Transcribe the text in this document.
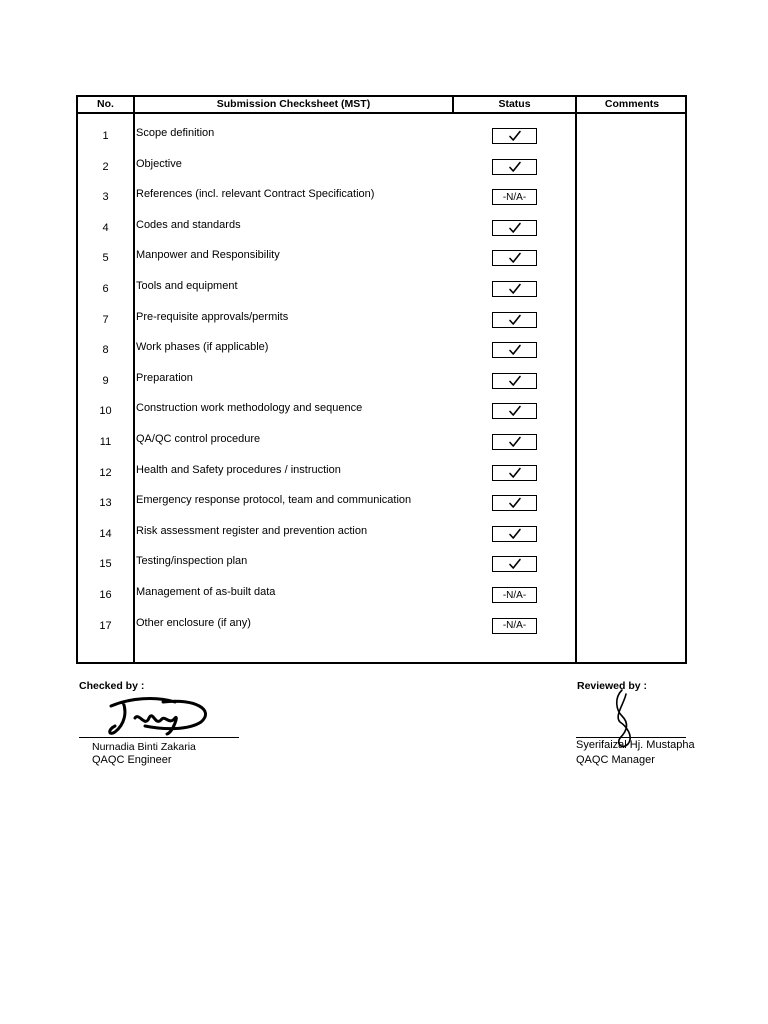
No.	Submission Checksheet (MST)	Status	Comments
1	Scope definition
2	Objective
3	References (incl. relevant Contract Specification)	-N/A-
4	Codes and standards
5	Manpower and Responsibility
6	Tools and equipment
7	Pre-requisite approvals/permits
8	Work phases (if applicable)
9	Preparation
10	Construction work methodology and sequence
11	QA/QC control procedure
12	Health and Safety procedures / instruction
13	Emergency response protocol, team and communication
14	Risk assessment register and prevention action
15	Testing/inspection plan
16	Management of as-built data	-N/A-
17	Other enclosure (if any)	-N/A-
Checked by :
Nurnadia Binti Zakaria
QAQC Engineer
Reviewed by :
Syerifaizal Hj. Mustapha
QAQC Manager
